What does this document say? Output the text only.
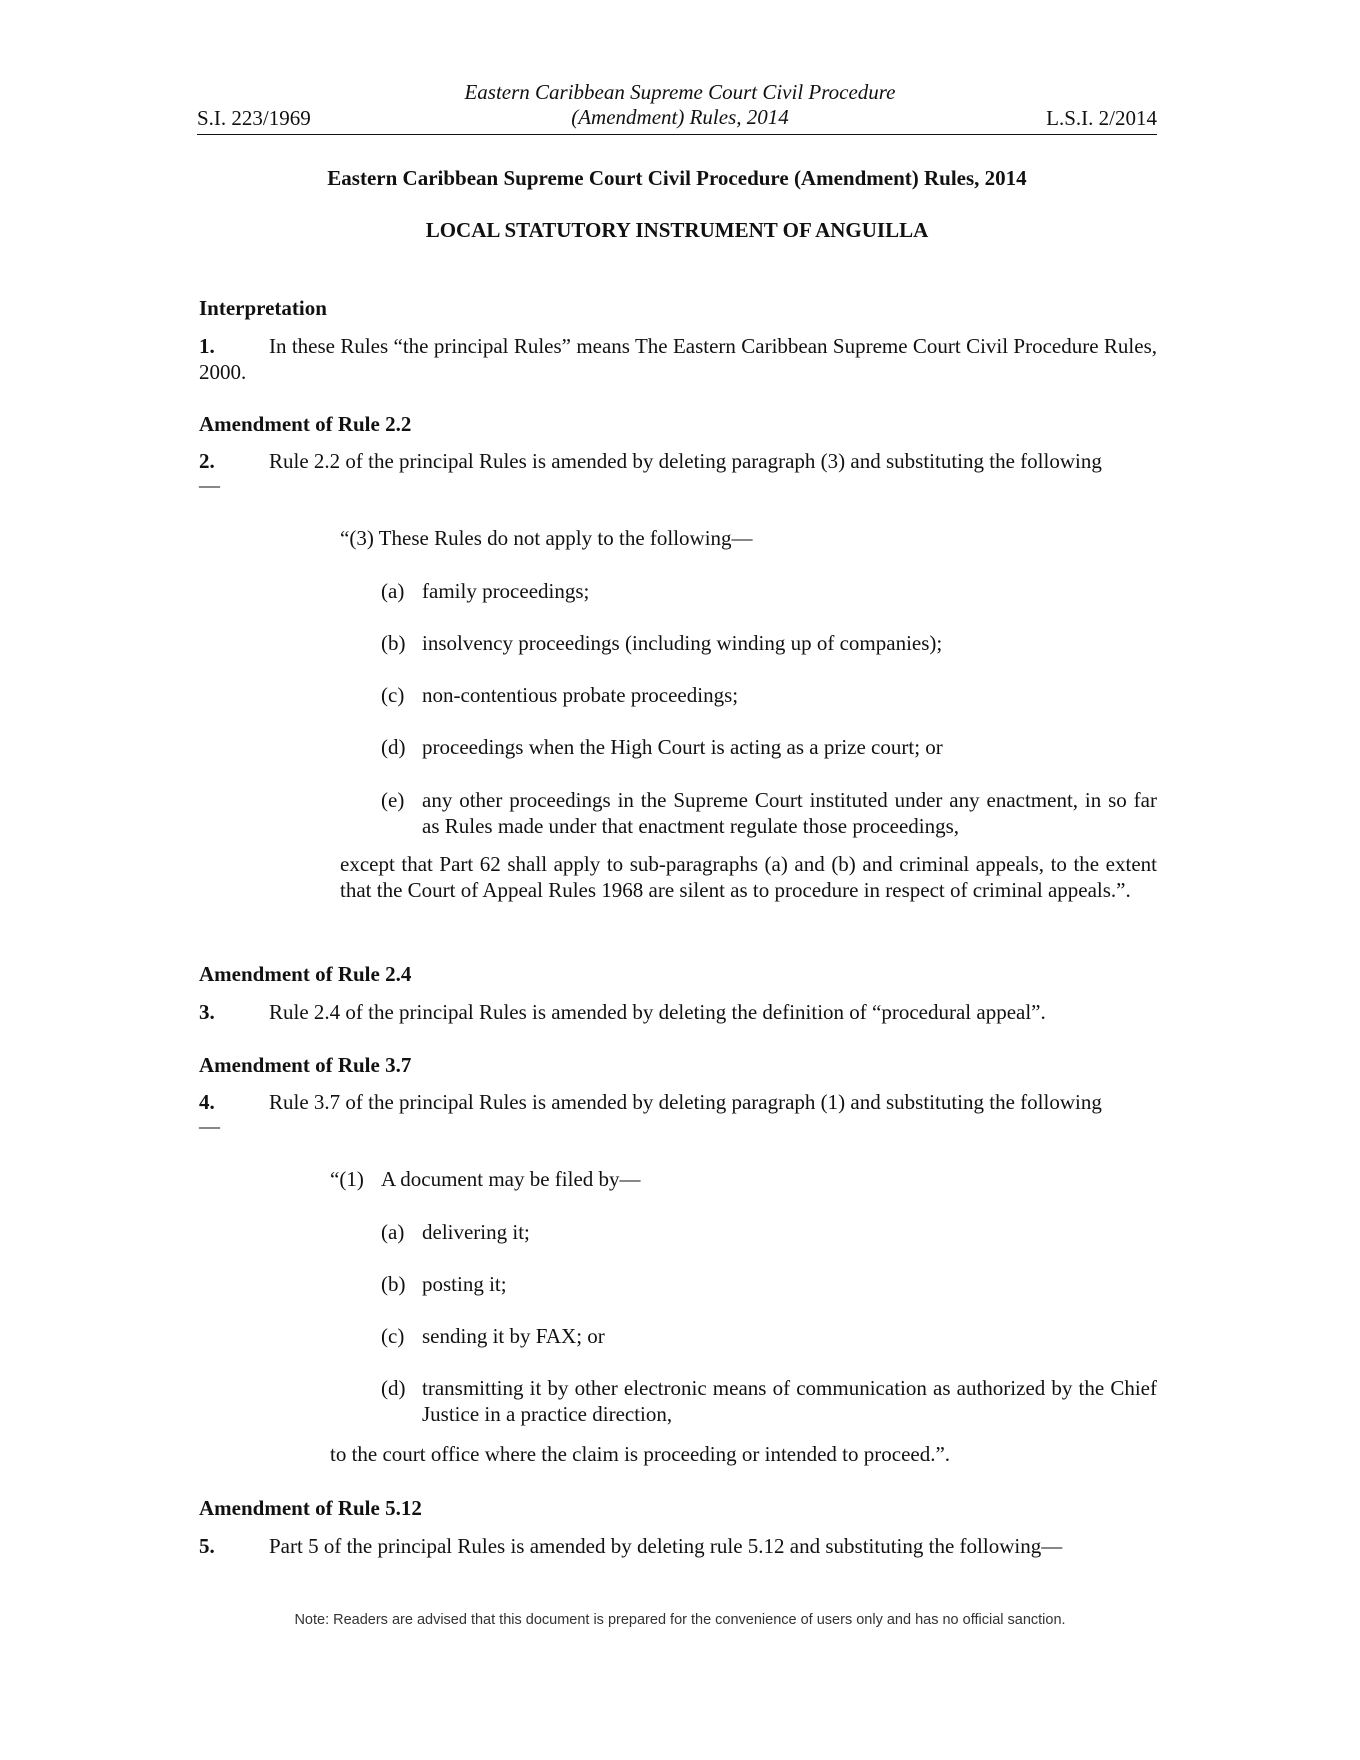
S.I. 223/1969
Eastern Caribbean Supreme Court Civil Procedure
(Amendment) Rules, 2014	L.S.I. 2/2014
Eastern Caribbean Supreme Court Civil Procedure (Amendment) Rules, 2014
LOCAL STATUTORY INSTRUMENT OF ANGUILLA
Interpretation
1.	In these Rules “the principal Rules” means The Eastern Caribbean Supreme Court Civil Procedure Rules, 2000.
Amendment of Rule 2.2
2.	Rule 2.2 of the principal Rules is amended by deleting paragraph (3) and substituting the following
—
“(3) These Rules do not apply to the following—
(a) family proceedings;
(b) insolvency proceedings (including winding up of companies);
(c) non-contentious probate proceedings;
(d) proceedings when the High Court is acting as a prize court; or
(e) any other proceedings in the Supreme Court instituted under any enactment, in so far as Rules made under that enactment regulate those proceedings,
except that Part 62 shall apply to sub-paragraphs (a) and (b) and criminal appeals, to the extent that the Court of Appeal Rules 1968 are silent as to procedure in respect of criminal appeals.”.
Amendment of Rule 2.4
3.	Rule 2.4 of the principal Rules is amended by deleting the definition of “procedural appeal”.
Amendment of Rule 3.7
4.	Rule 3.7 of the principal Rules is amended by deleting paragraph (1) and substituting the following
—
“(1) A document may be filed by—
(a) delivering it;
(b) posting it;
(c) sending it by FAX; or
(d) transmitting it by other electronic means of communication as authorized by the Chief Justice in a practice direction,
to the court office where the claim is proceeding or intended to proceed.”.
Amendment of Rule 5.12
5.	Part 5 of the principal Rules is amended by deleting rule 5.12 and substituting the following—
Note: Readers are advised that this document is prepared for the convenience of users only and has no official sanction.
